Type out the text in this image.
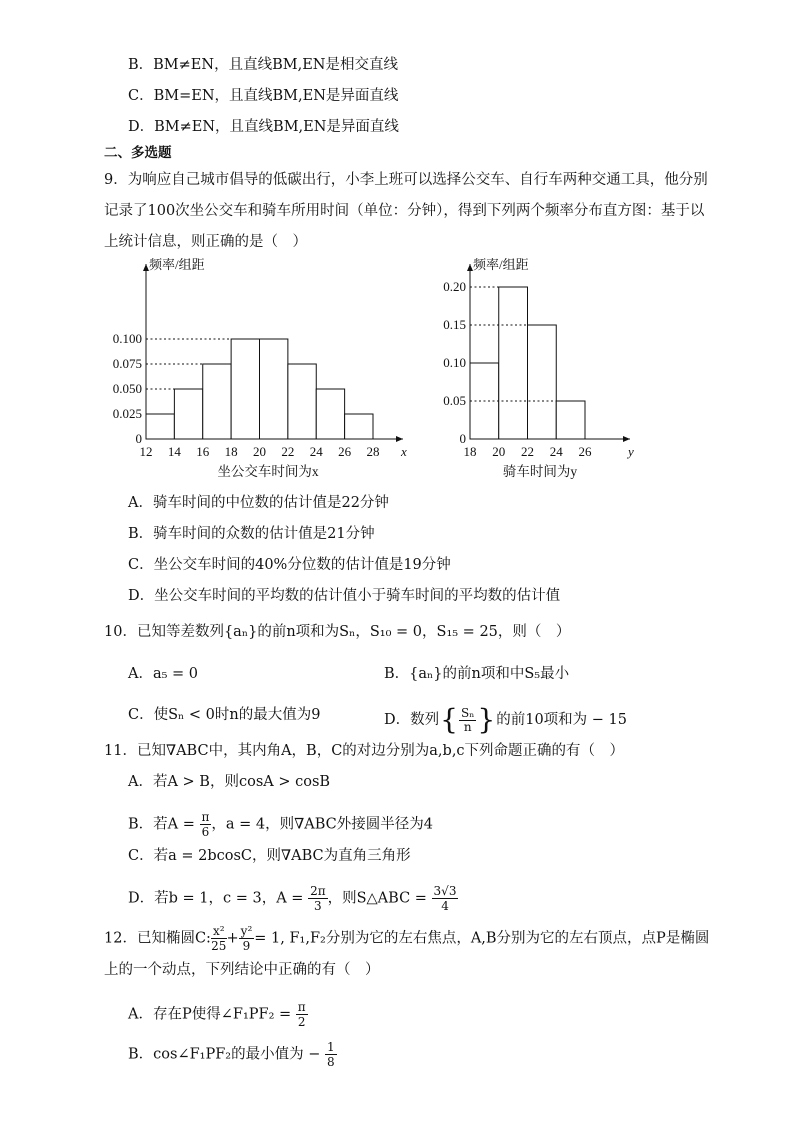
B．BM≠EN，且直线BM,EN是相交直线
C．BM=EN，且直线BM,EN是异面直线
D．BM≠EN，且直线BM,EN是异面直线
二、多选题
9．为响应自己城市倡导的低碳出行，小李上班可以选择公交车、自行车两种交通工具，他分别
记录了100次坐公交车和骑车所用时间（单位：分钟），得到下列两个频率分布直方图：基于以
上统计信息，则正确的是（　）
0
0.025
0.050
0.075
0.100
12 14 16 18 20 22 24 26 28
频率/组距
x
坐公交车时间为x
0
0.05
0.10
0.15
0.20
18 20 22 24 26
频率/组距
y
骑车时间为y
A．骑车时间的中位数的估计值是22分钟
B．骑车时间的众数的估计值是21分钟
C．坐公交车时间的40%分位数的估计值是19分钟
D．坐公交车时间的平均数的估计值小于骑车时间的平均数的估计值
10．已知等差数列{aₙ}的前n项和为Sₙ，S₁₀ = 0，S₁₅ = 25，则（　）
A．a₅ = 0	B．{aₙ}的前n项和中S₅最小
C．使Sₙ < 0时n的最大值为9	D．数列{ $\frac{\text{Sₙ}}{n}$ }的前10项和为 − 15
11．已知∇ABC中，其内角A，B，C的对边分别为a,b,c下列命题正确的有（　）
A．若A > B，则cosA > cosB
B．若$A = \frac{\pi}{6}$ ，a = 4，则∇ABC外接圆半径为4
C．若a = 2bcosC，则∇ABC为直角三角形
D．若b = 1，c = 3，$A = \frac{2\pi}{3}$ ，则S△ABC = $\frac{3√3}{4}$
12．已知椭圆C: $\frac{\text{x²}}{25} + \frac{\text{y²}}{9} = 1$, F₁,F₂分别为它的左右焦点，A,B分别为它的左右顶点，点P是椭圆
上的一个动点，下列结论中正确的有（　）
A．存在P使得∠F₁PF₂ = $\frac{\pi}{2}$
B．cos∠F₁PF₂的最小值为 − $\frac{1}{8}$
